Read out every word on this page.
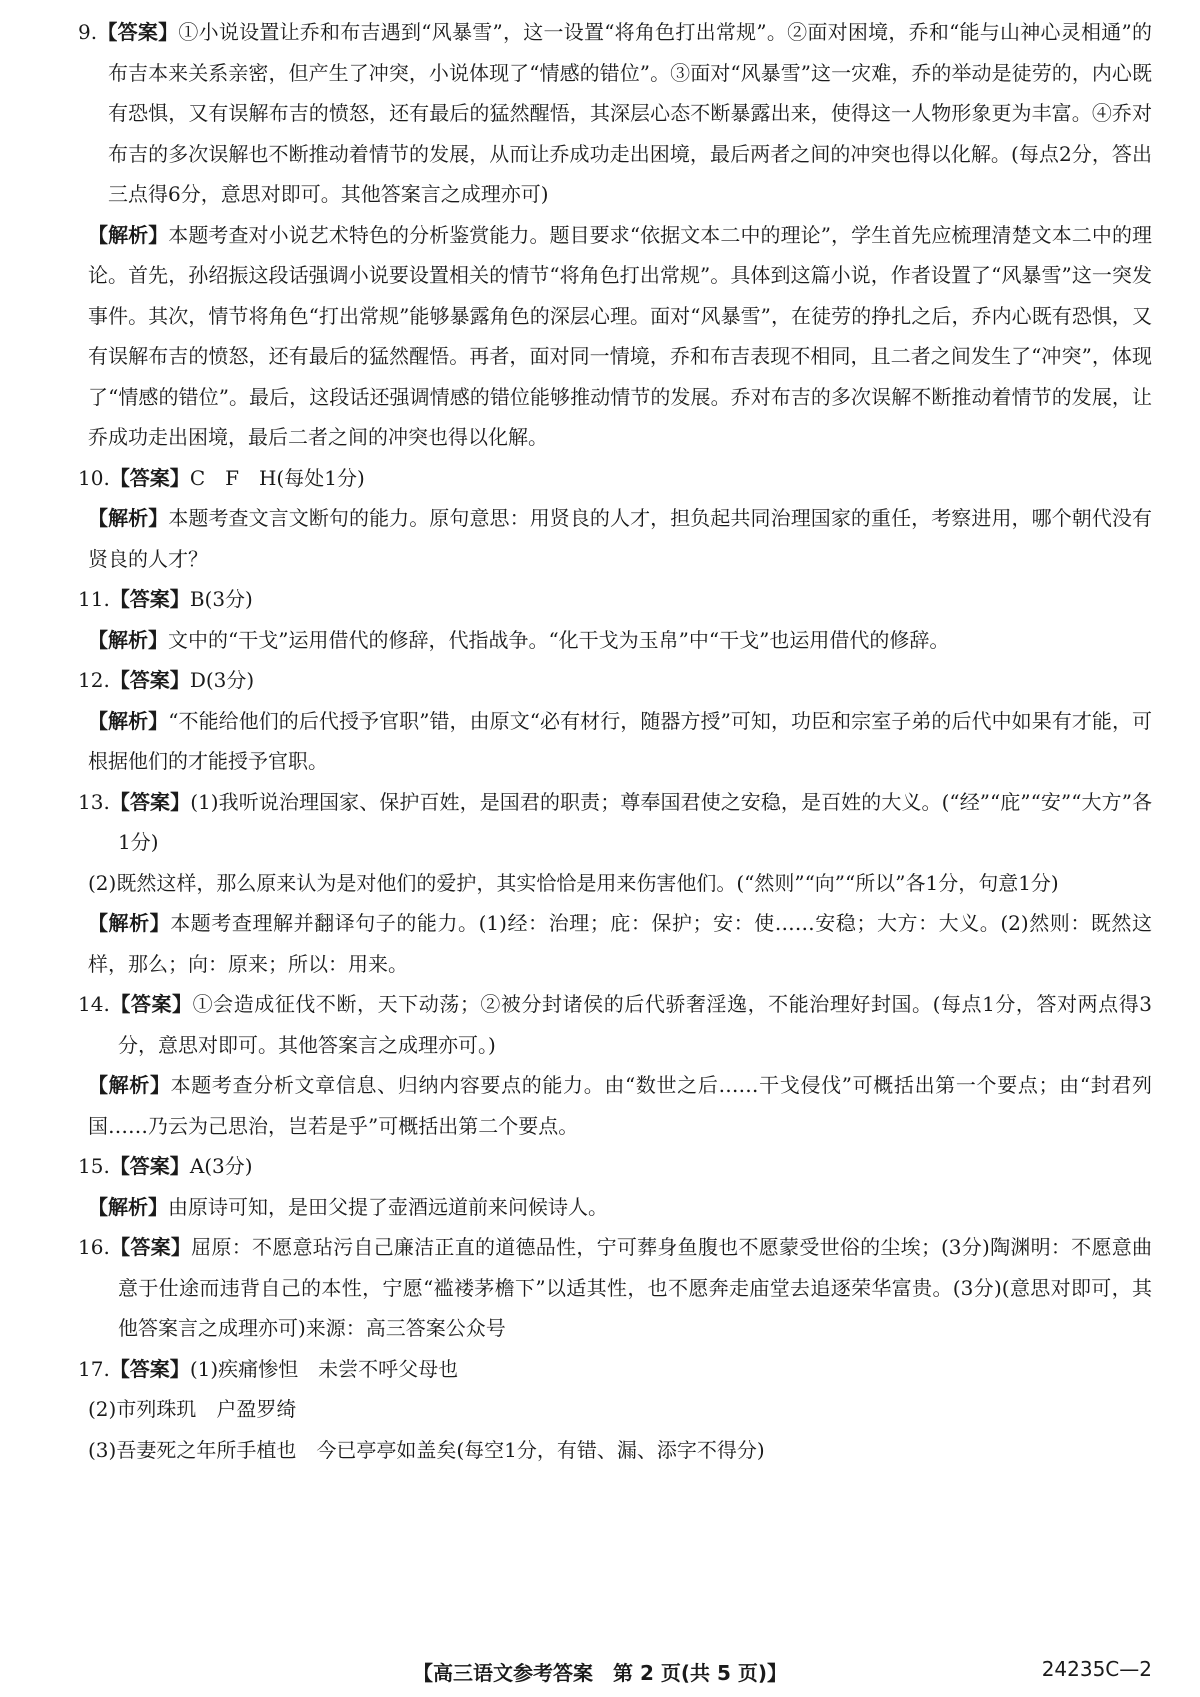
9.【答案】①小说设置让乔和布吉遇到“风暴雪”，这一设置“将角色打出常规”。②面对困境，乔和“能与山神心灵相通”的布吉本来关系亲密，但产生了冲突，小说体现了“情感的错位”。③面对“风暴雪”这一灾难，乔的举动是徒劳的，内心既有恐惧，又有误解布吉的愤怒，还有最后的猛然醒悟，其深层心态不断暴露出来，使得这一人物形象更为丰富。④乔对布吉的多次误解也不断推动着情节的发展，从而让乔成功走出困境，最后两者之间的冲突也得以化解。(每点2分，答出三点得6分，意思对即可。其他答案言之成理亦可)

【解析】本题考查对小说艺术特色的分析鉴赏能力。题目要求“依据文本二中的理论”，学生首先应梳理清楚文本二中的理论。首先，孙绍振这段话强调小说要设置相关的情节“将角色打出常规”。具体到这篇小说，作者设置了“风暴雪”这一突发事件。其次，情节将角色“打出常规”能够暴露角色的深层心理。面对“风暴雪”，在徒劳的挣扎之后，乔内心既有恐惧，又有误解布吉的愤怒，还有最后的猛然醒悟。再者，面对同一情境，乔和布吉表现不相同，且二者之间发生了“冲突”，体现了“情感的错位”。最后，这段话还强调情感的错位能够推动情节的发展。乔对布吉的多次误解不断推动着情节的发展，让乔成功走出困境，最后二者之间的冲突也得以化解。

10.【答案】C　F　H(每处1分)

【解析】本题考查文言文断句的能力。原句意思：用贤良的人才，担负起共同治理国家的重任，考察进用，哪个朝代没有贤良的人才？

11.【答案】B(3分)

【解析】文中的“干戈”运用借代的修辞，代指战争。“化干戈为玉帛”中“干戈”也运用借代的修辞。

12.【答案】D(3分)

【解析】“不能给他们的后代授予官职”错，由原文“必有材行，随器方授”可知，功臣和宗室子弟的后代中如果有才能，可根据他们的才能授予官职。

13.【答案】(1)我听说治理国家、保护百姓，是国君的职责；尊奉国君使之安稳，是百姓的大义。(“经”“庇”“安”“大方”各1分)

(2)既然这样，那么原来认为是对他们的爱护，其实恰恰是用来伤害他们。(“然则”“向”“所以”各1分，句意1分)

【解析】本题考查理解并翻译句子的能力。(1)经：治理；庇：保护；安：使……安稳；大方：大义。(2)然则：既然这样，那么；向：原来；所以：用来。

14.【答案】①会造成征伐不断，天下动荡；②被分封诸侯的后代骄奢淫逸，不能治理好封国。(每点1分，答对两点得3分，意思对即可。其他答案言之成理亦可。)

【解析】本题考查分析文章信息、归纳内容要点的能力。由“数世之后……干戈侵伐”可概括出第一个要点；由“封君列国……乃云为己思治，岂若是乎”可概括出第二个要点。

15.【答案】A(3分)

【解析】由原诗可知，是田父提了壶酒远道前来问候诗人。

16.【答案】屈原：不愿意玷污自己廉洁正直的道德品性，宁可葬身鱼腹也不愿蒙受世俗的尘埃；(3分)陶渊明：不愿意曲意于仕途而违背自己的本性，宁愿“褴褛茅檐下”以适其性，也不愿奔走庙堂去追逐荣华富贵。(3分)(意思对即可，其他答案言之成理亦可)来源：高三答案公众号

17.【答案】(1)疾痛惨怛　未尝不呼父母也

(2)市列珠玑　户盈罗绮

(3)吾妻死之年所手植也　今已亭亭如盖矣(每空1分，有错、漏、添字不得分)

【高三语文参考答案　第 2 页(共 5 页)】	24235C—2
